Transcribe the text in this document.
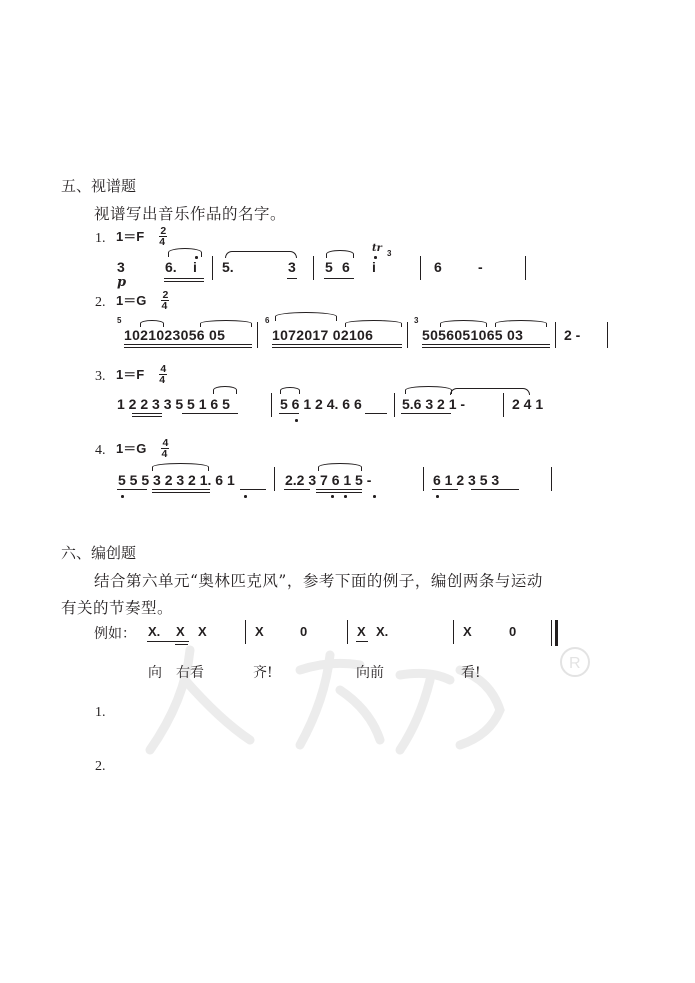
R
五、视谱题
视谱写出音乐作品的名字。
1. $1=F \frac{2}{4}$
3
p
6. i 5.	3 5 6 i
tr 3
6	-
2. $1=G \frac{2}{4}$
5
1021023056 05
6
1072017 02106
3
5056051065 03	2 -
3. $1=F \frac{4}{4}$
1 2 2 3 3 5 5 1 6 5	5 6 1 2 4. 6 6	5.6 3 2 1 -	2 4 1
4. $1=G \frac{4}{4}$
5 5 5 3 2 3 2 1. 6 1	2.2 3 7 6 1 5 -	6 1 2 3 5 3
六、编创题
结合第六单元“奥林匹克风”，参考下面的例子，编创两条与运动
有关的节奏型。
例如： X. X X	X	0	X X.	X	0
向 右看	齐!	向前	看!
1.
2.
